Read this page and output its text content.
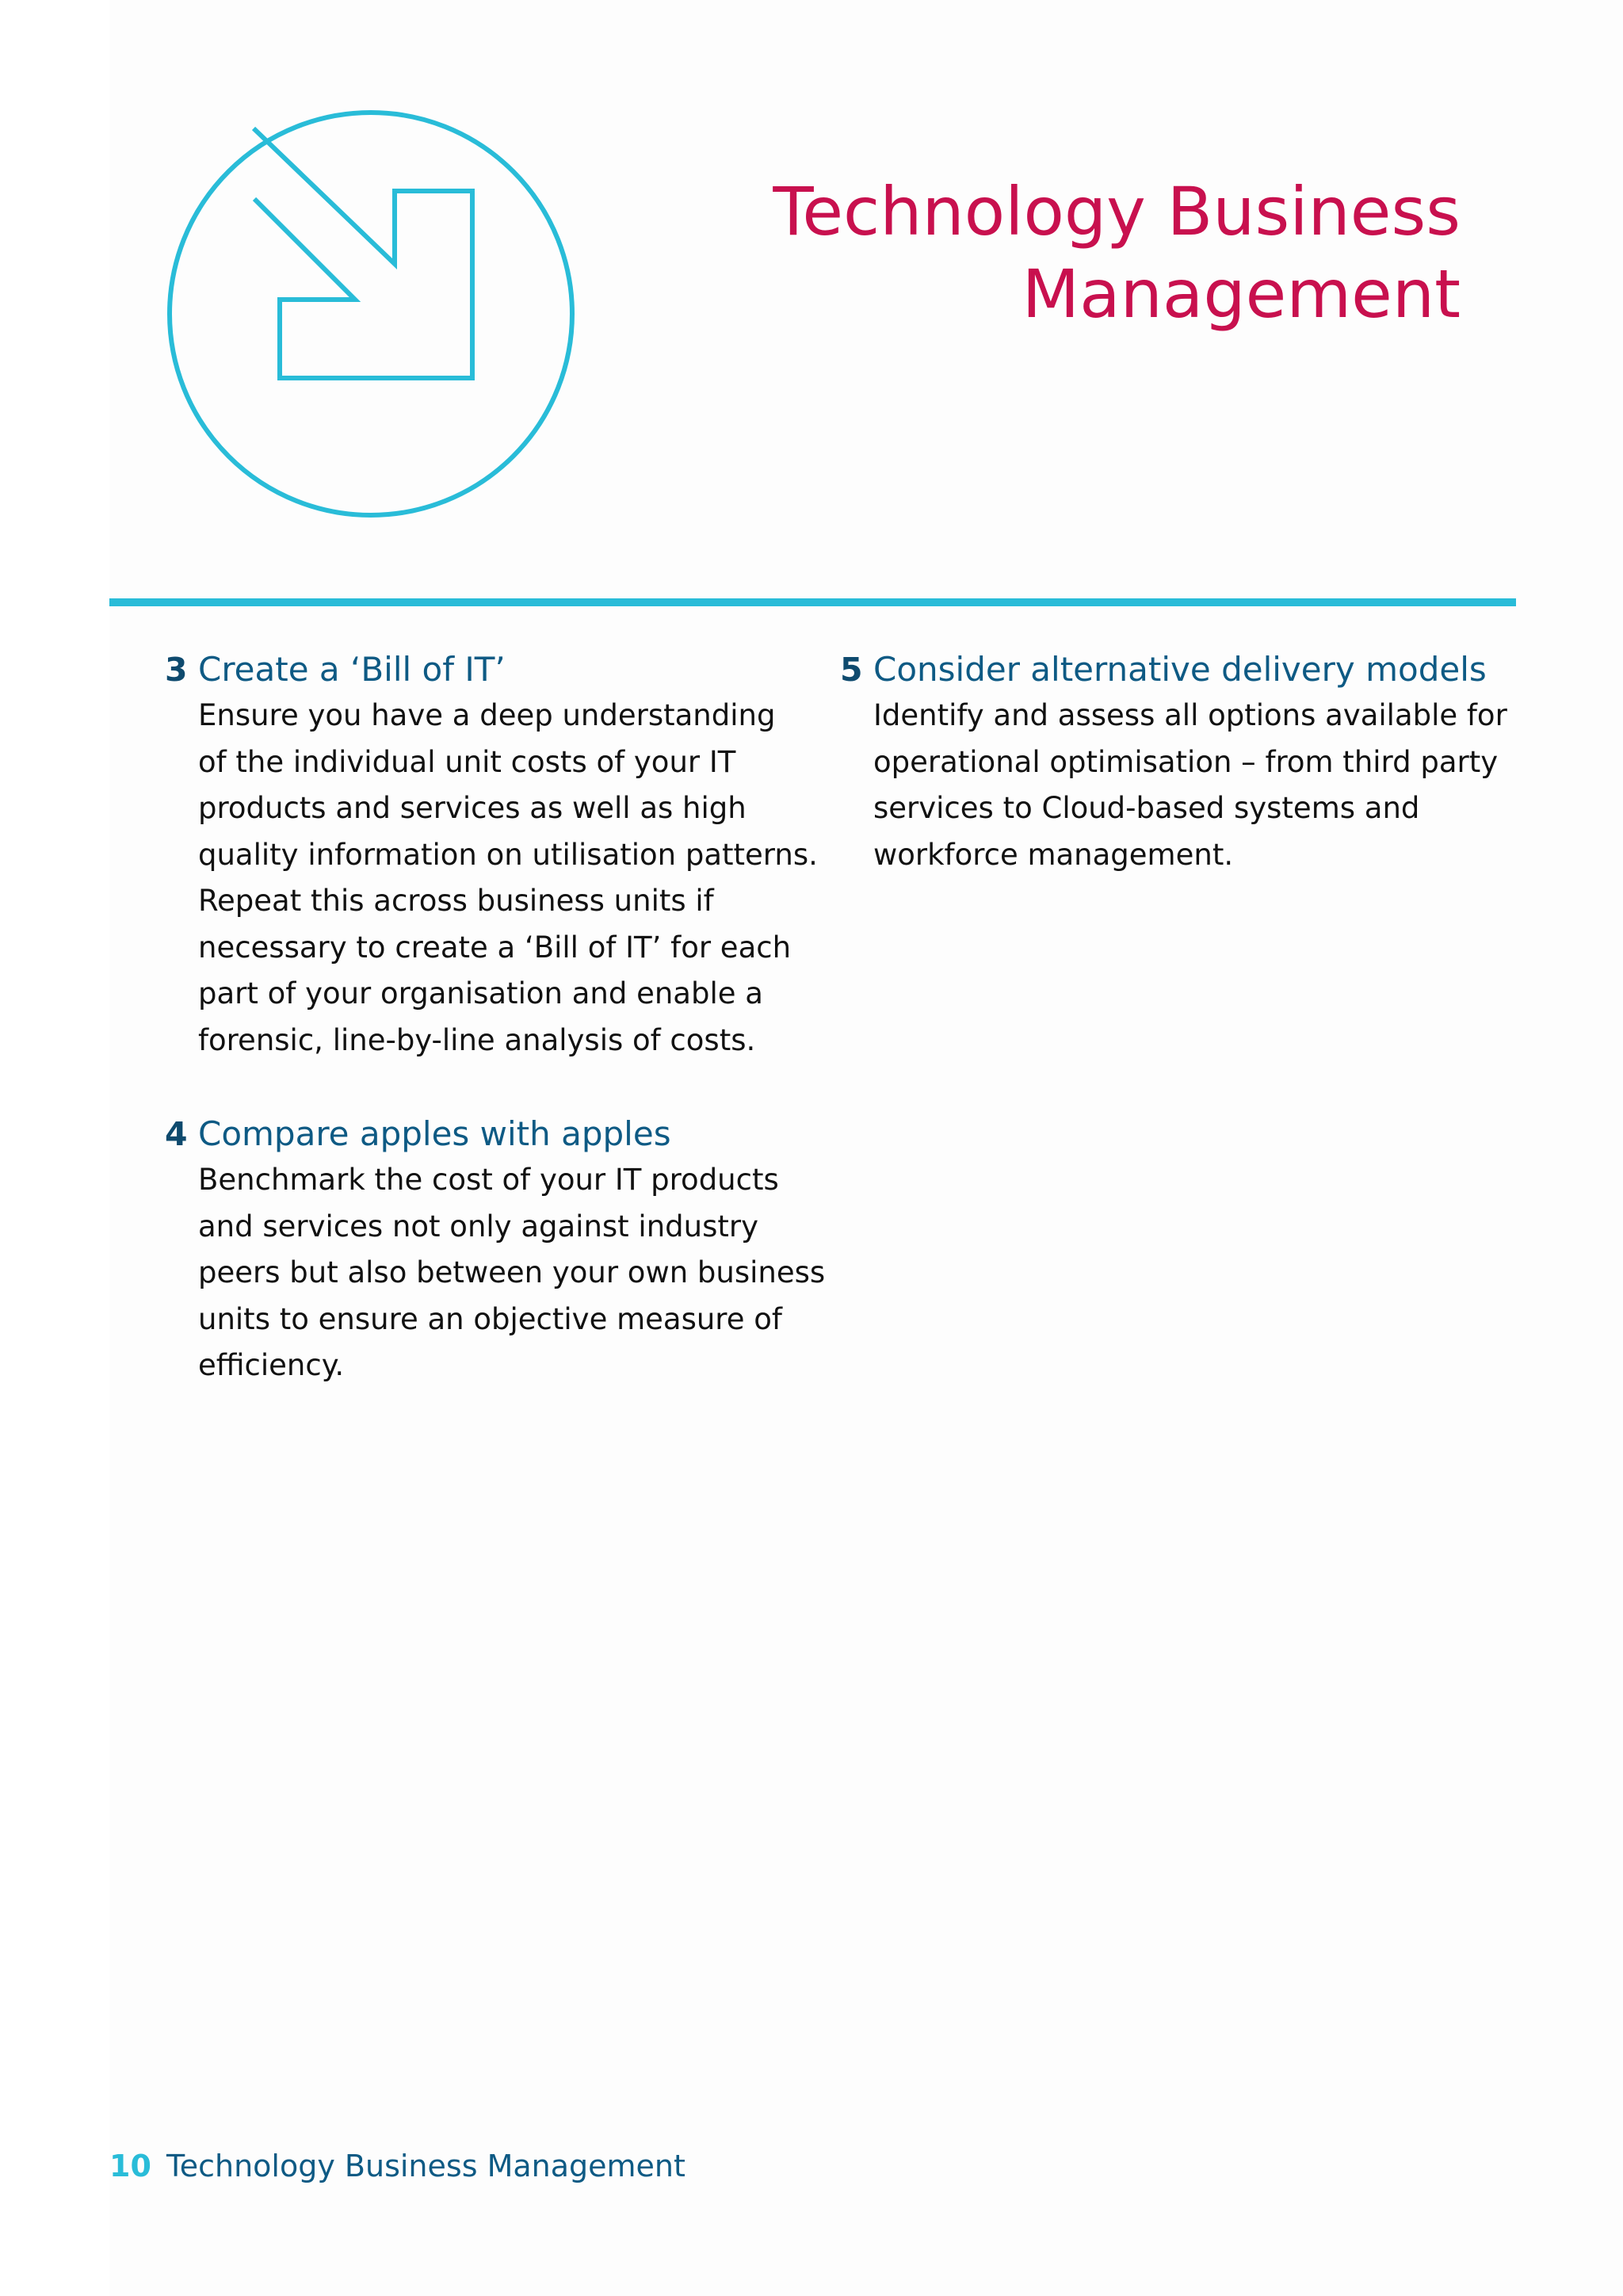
Technology Business
Management
3 Create a ‘Bill of IT’
Ensure you have a deep understanding
of the individual unit costs of your IT
products and services as well as high
quality information on utilisation patterns.
Repeat this across business units if
necessary to create a ‘Bill of IT’ for each
part of your organisation and enable a
forensic, line-by-line analysis of costs.
4 Compare apples with apples
Benchmark the cost of your IT products
and services not only against industry
peers but also between your own business
units to ensure an objective measure of
efficiency.
5 Consider alternative delivery models
Identify and assess all options available for
operational optimisation – from third party
services to Cloud-based systems and
workforce management.
10 Technology Business Management
